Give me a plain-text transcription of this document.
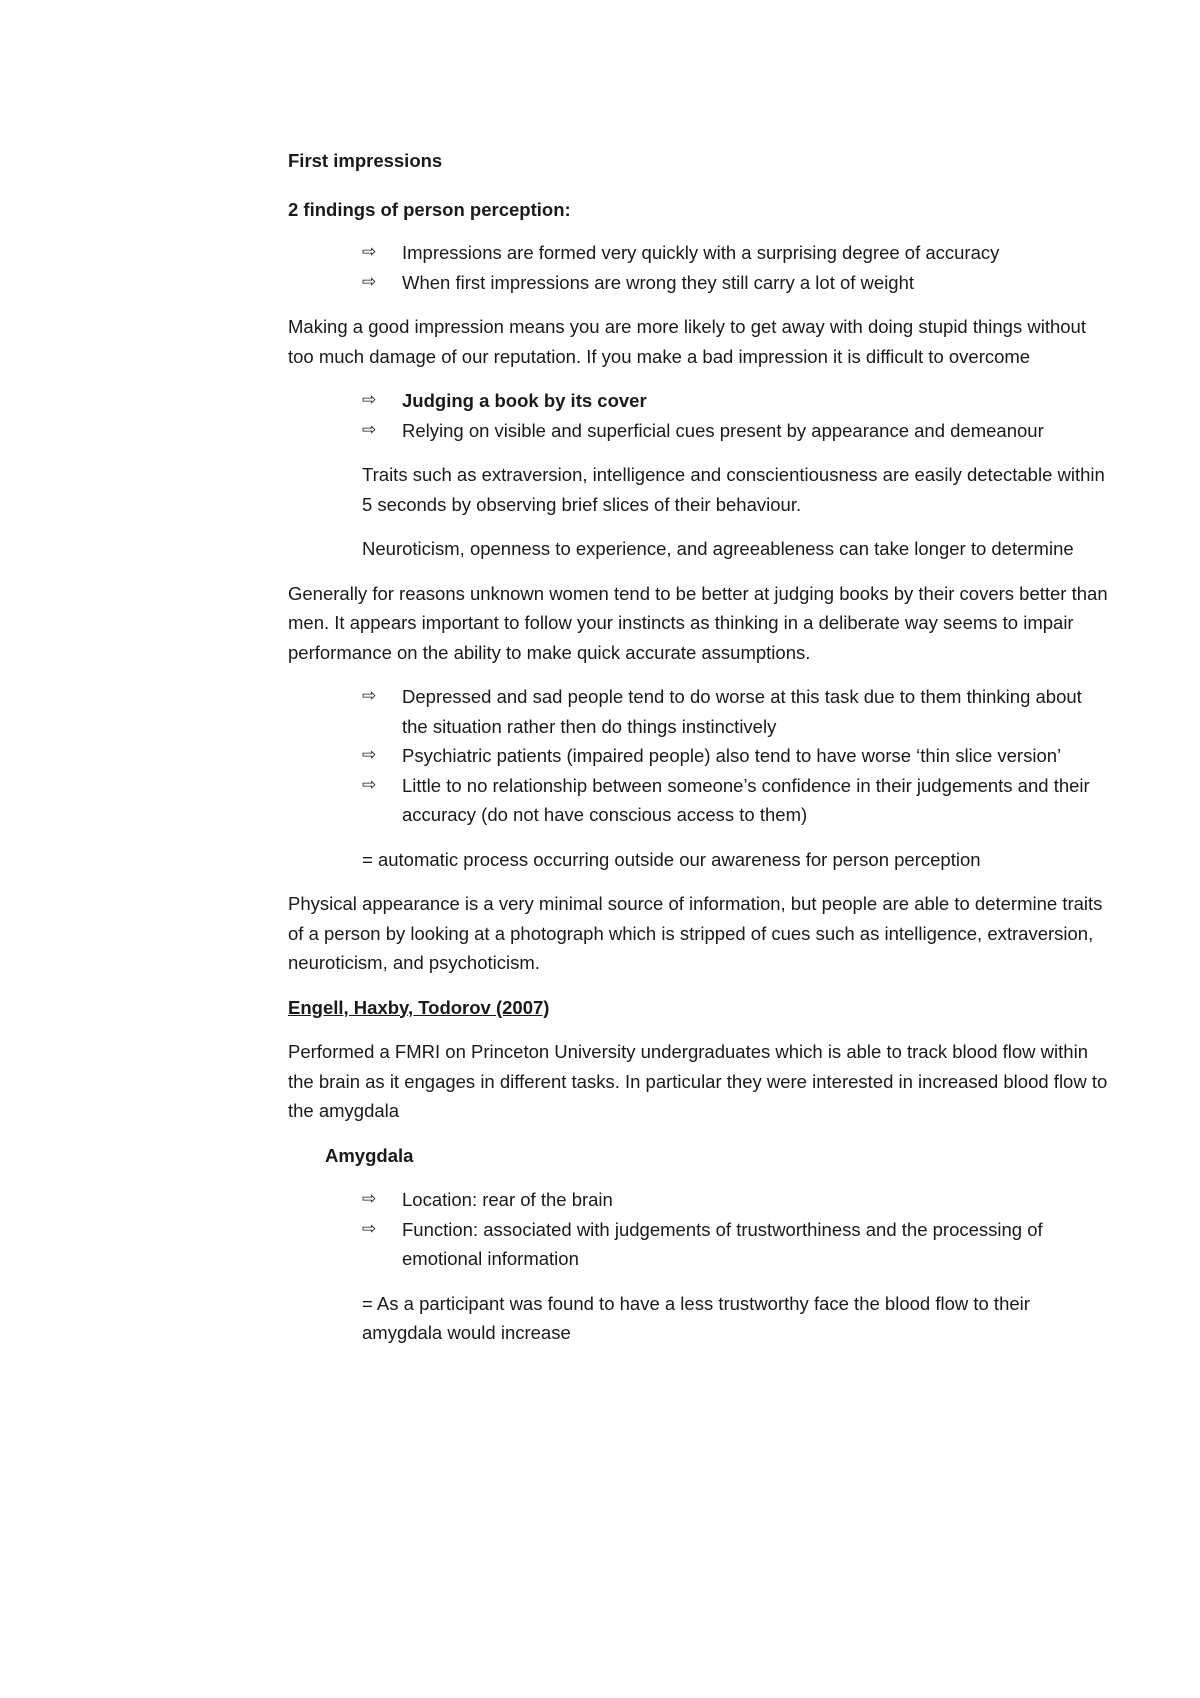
First impressions

2 findings of person perception:

⇨	Impressions are formed very quickly with a surprising degree of accuracy
⇨	When first impressions are wrong they still carry a lot of weight

Making a good impression means you are more likely to get away with doing stupid things without too much damage of our reputation. If you make a bad impression it is difficult to overcome

⇨	Judging a book by its cover
⇨	Relying on visible and superficial cues present by appearance and demeanour

Traits such as extraversion, intelligence and conscientiousness are easily detectable within 5 seconds by observing brief slices of their behaviour.

Neuroticism, openness to experience, and agreeableness can take longer to determine

Generally for reasons unknown women tend to be better at judging books by their covers better than men. It appears important to follow your instincts as thinking in a deliberate way seems to impair performance on the ability to make quick accurate assumptions.

⇨	Depressed and sad people tend to do worse at this task due to them thinking about the situation rather then do things instinctively
⇨	Psychiatric patients (impaired people) also tend to have worse ‘thin slice version’
⇨	Little to no relationship between someone’s confidence in their judgements and their accuracy (do not have conscious access to them)

= automatic process occurring outside our awareness for person perception

Physical appearance is a very minimal source of information, but people are able to determine traits of a person by looking at a photograph which is stripped of cues such as intelligence, extraversion, neuroticism, and psychoticism.

Engell, Haxby, Todorov (2007)

Performed a FMRI on Princeton University undergraduates which is able to track blood flow within the brain as it engages in different tasks. In particular they were interested in increased blood flow to the amygdala

Amygdala

⇨	Location: rear of the brain
⇨	Function: associated with judgements of trustworthiness and the processing of emotional information

= As a participant was found to have a less trustworthy face the blood flow to their amygdala would increase
